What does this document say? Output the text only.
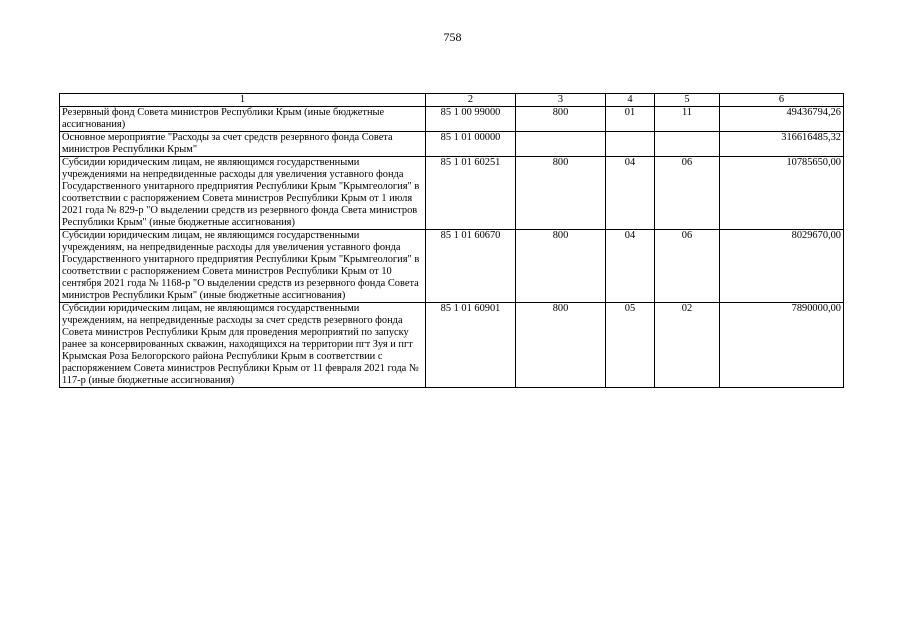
758
1	2	3	4	5	6
Резервный фонд Совета министров Республики Крым (иные бюджетные ассигнования)	85 1 00 99000	800	01	11	49436794,26
Основное мероприятие "Расходы за счет средств резервного фонда Совета министров Республики Крым"	85 1 01 00000				316616485,32
Субсидии юридическим лицам, не являющимся государственными учреждениями на непредвиденные расходы для увеличения уставного фонда Государственного унитарного предприятия Республики Крым "Крымгеология" в соответствии с распоряжением Совета министров Республики Крым от 1 июля 2021 года № 829-р "О выделении средств из резервного фонда Света министров Республики Крым" (иные бюджетные ассигнования)	85 1 01 60251	800	04	06	10785650,00
Субсидии юридическим лицам, не являющимся государственными учреждениям, на непредвиденные расходы для увеличения уставного фонда Государственного унитарного предприятия Республики Крым "Крымгеология" в соответствии с распоряжением Совета министров Республики Крым от 10 сентября 2021 года № 1168-р "О выделении средств из резервного фонда Совета министров Республики Крым" (иные бюджетные ассигнования)	85 1 01 60670	800	04	06	8029670,00
Субсидии юридическим лицам, не являющимся государственными учреждениям, на непредвиденные расходы за счет средств резервного фонда Совета министров Республики Крым для проведения мероприятий по запуску ранее за консервированных скважин, находящихся на территории пгт Зуя и пгт Крымская Роза Белогорского района Республики Крым в соответствии с распоряжением Совета министров Республики Крым от 11 февраля 2021 года № 117-р (иные бюджетные ассигнования)	85 1 01 60901	800	05	02	7890000,00
